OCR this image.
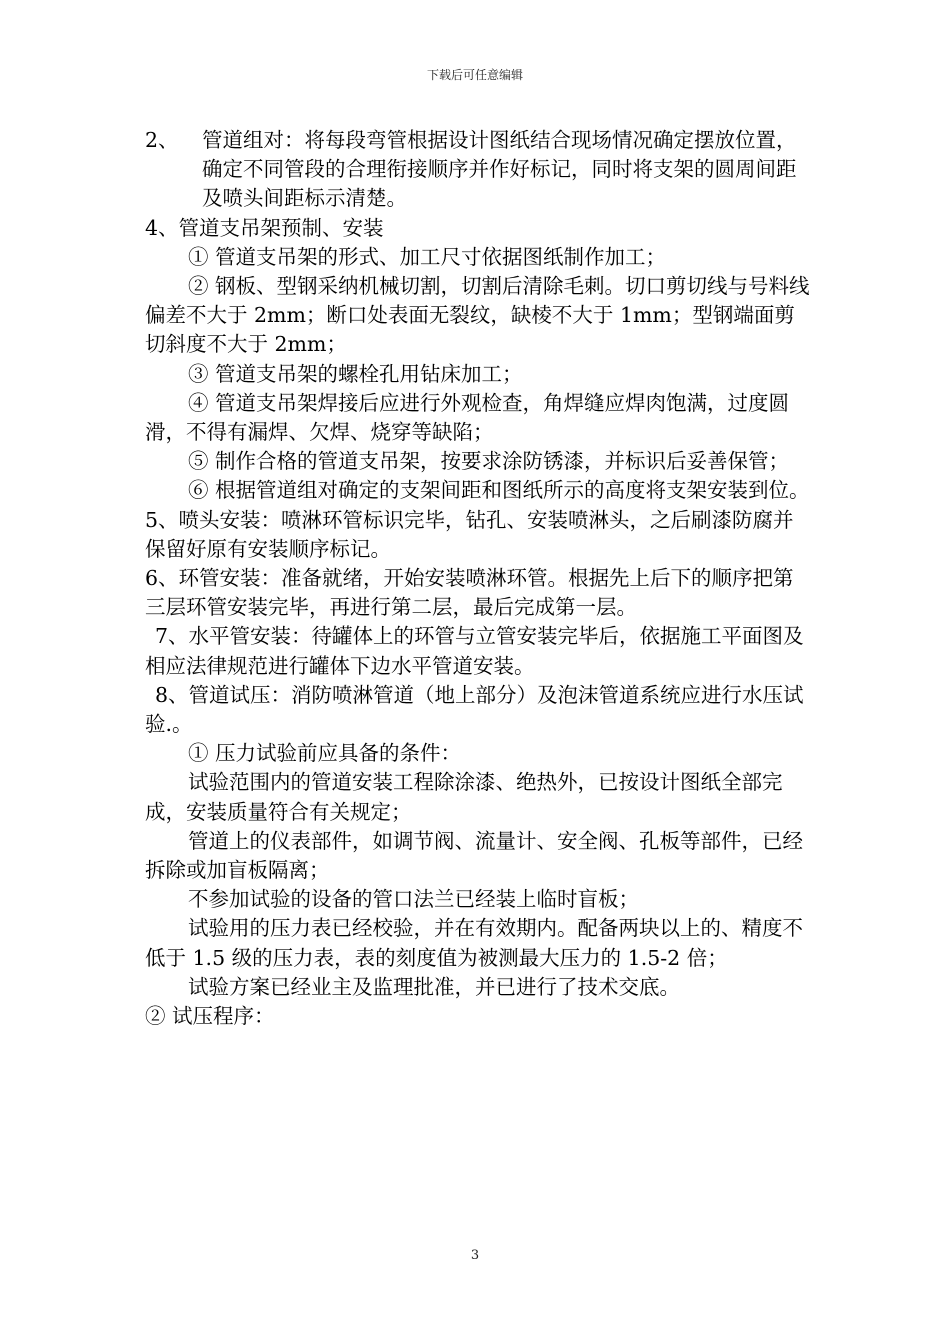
下载后可任意编辑
2、	管道组对：将每段弯管根据设计图纸结合现场情况确定摆放位置，确定不同管段的合理衔接顺序并作好标记，同时将支架的圆周间距及喷头间距标示清楚。

4、管道支吊架预制、安装

① 管道支吊架的形式、加工尺寸依据图纸制作加工；

② 钢板、型钢采纳机械切割，切割后清除毛刺。切口剪切线与号料线偏差不大于 2mm；断口处表面无裂纹，缺棱不大于 1mm；型钢端面剪切斜度不大于 2mm；

③ 管道支吊架的螺栓孔用钻床加工；

④ 管道支吊架焊接后应进行外观检查，角焊缝应焊肉饱满，过度圆滑，不得有漏焊、欠焊、烧穿等缺陷；

⑤ 制作合格的管道支吊架，按要求涂防锈漆，并标识后妥善保管；

⑥ 根据管道组对确定的支架间距和图纸所示的高度将支架安装到位。

5、喷头安装：喷淋环管标识完毕，钻孔、安装喷淋头，之后刷漆防腐并保留好原有安装顺序标记。

6、环管安装：准备就绪，开始安装喷淋环管。根据先上后下的顺序把第三层环管安装完毕，再进行第二层，最后完成第一层。

7、水平管安装：待罐体上的环管与立管安装完毕后，依据施工平面图及相应法律规范进行罐体下边水平管道安装。

8、管道试压：消防喷淋管道（地上部分）及泡沫管道系统应进行水压试验.。

① 压力试验前应具备的条件：

试验范围内的管道安装工程除涂漆、绝热外，已按设计图纸全部完成，安装质量符合有关规定；

管道上的仪表部件，如调节阀、流量计、安全阀、孔板等部件，已经拆除或加盲板隔离；

不参加试验的设备的管口法兰已经装上临时盲板；

试验用的压力表已经校验，并在有效期内。配备两块以上的、精度不低于 1.5 级的压力表，表的刻度值为被测最大压力的 1.5-2 倍；

试验方案已经业主及监理批准，并已进行了技术交底。

② 试压程序：

3
